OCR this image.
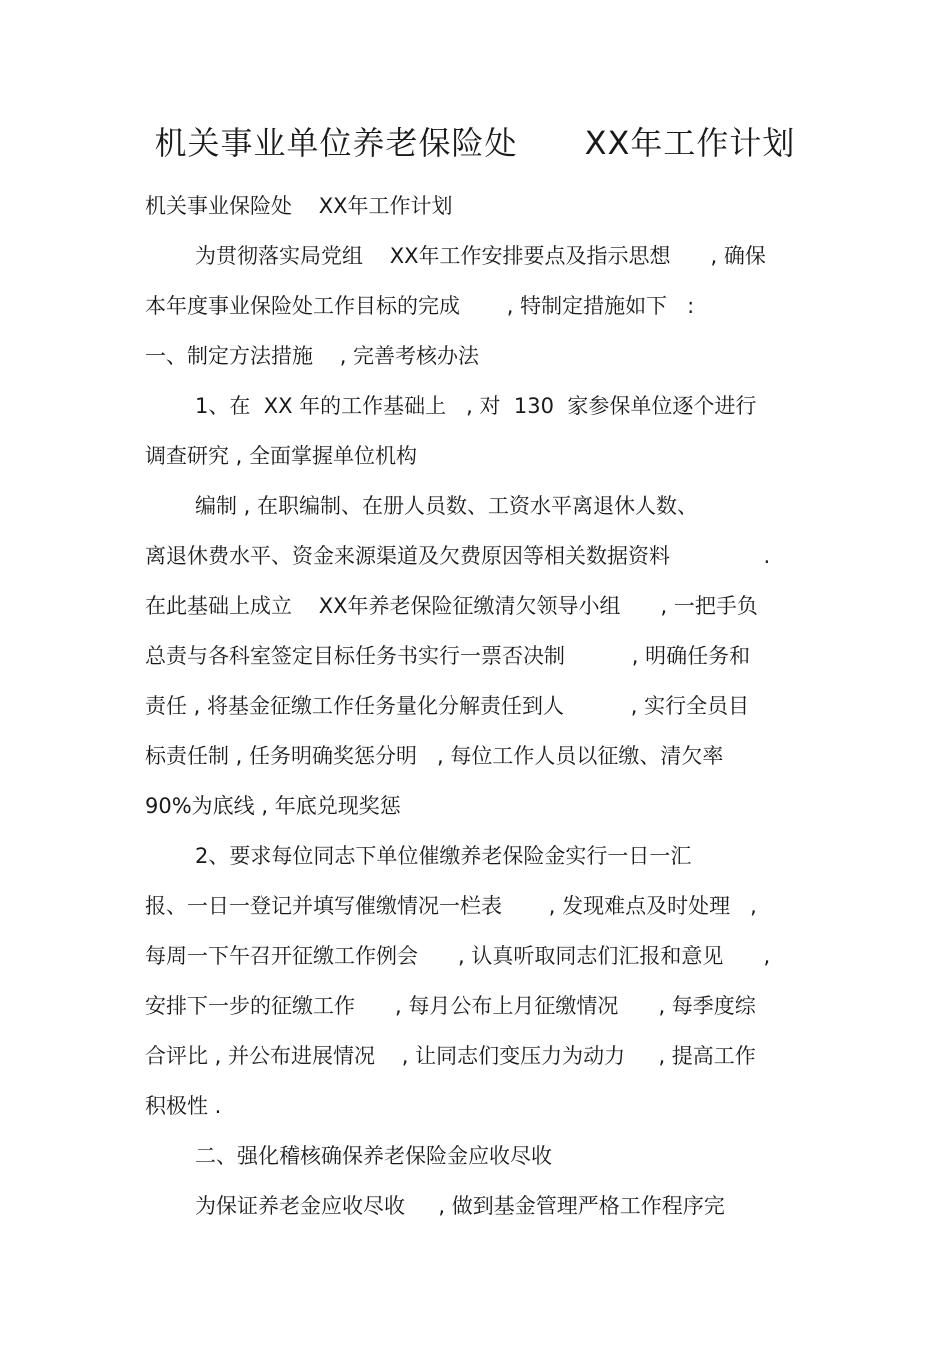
机关事业单位养老保险处      XX年工作计划
机关事业保险处    XX年工作计划
为贯彻落实局党组    XX年工作安排要点及指示思想      , 确保
本年度事业保险处工作目标的完成       , 特制定措施如下   :
一、制定方法措施    , 完善考核办法
1、在  XX 年的工作基础上   , 对  130  家参保单位逐个进行
调查研究 , 全面掌握单位机构
编制 , 在职编制、在册人员数、工资水平离退休人数、
离退休费水平、资金来源渠道及欠费原因等相关数据资料              .
在此基础上成立    XX年养老保险征缴清欠领导小组      , 一把手负
总责与各科室签定目标任务书实行一票否决制          , 明确任务和
责任 , 将基金征缴工作任务量化分解责任到人          , 实行全员目
标责任制 , 任务明确奖惩分明   , 每位工作人员以征缴、清欠率
90%为底线 , 年底兑现奖惩
2、要求每位同志下单位催缴养老保险金实行一日一汇
报、一日一登记并填写催缴情况一栏表       , 发现难点及时处理   ,
每周一下午召开征缴工作例会      , 认真听取同志们汇报和意见      ,
安排下一步的征缴工作      , 每月公布上月征缴情况      , 每季度综
合评比 , 并公布进展情况    , 让同志们变压力为动力     , 提高工作
积极性 .
二、强化稽核确保养老保险金应收尽收
为保证养老金应收尽收     , 做到基金管理严格工作程序完
